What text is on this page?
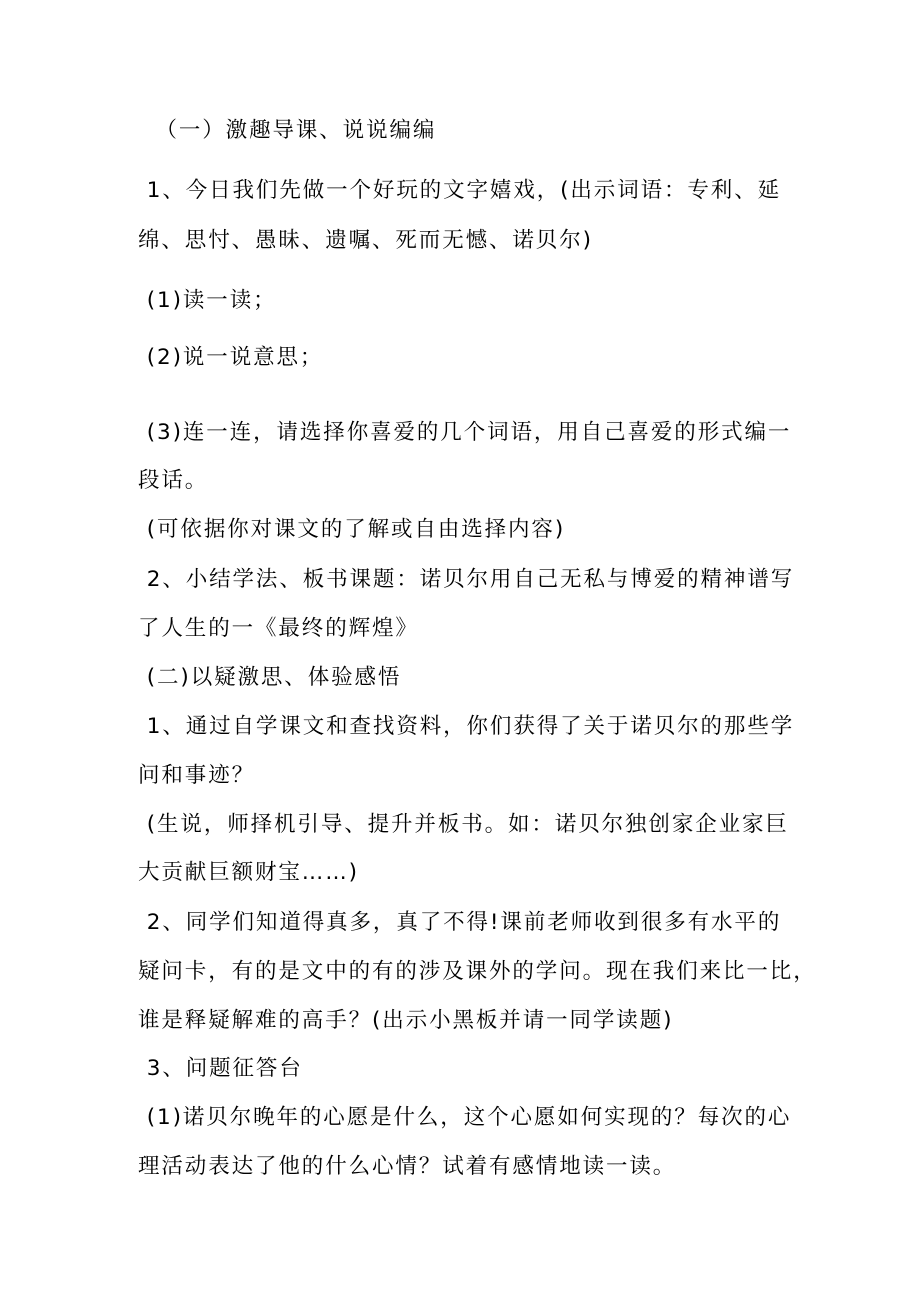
（一）激趣导课、说说编编
1、今日我们先做一个好玩的文字嬉戏，(出示词语：专利、延
绵、思忖、愚昧、遗嘱、死而无憾、诺贝尔)
(1)读一读；
(2)说一说意思；
(3)连一连，请选择你喜爱的几个词语，用自己喜爱的形式编一
段话。
(可依据你对课文的了解或自由选择内容)
2、小结学法、板书课题：诺贝尔用自己无私与博爱的精神谱写
了人生的一《最终的辉煌》
(二)以疑激思、体验感悟
1、通过自学课文和查找资料，你们获得了关于诺贝尔的那些学
问和事迹？
(生说，师择机引导、提升并板书。如：诺贝尔独创家企业家巨
大贡献巨额财宝……)
2、同学们知道得真多，真了不得!课前老师收到很多有水平的
疑问卡，有的是文中的有的涉及课外的学问。现在我们来比一比，
谁是释疑解难的高手？(出示小黑板并请一同学读题)
3、问题征答台
(1)诺贝尔晚年的心愿是什么，这个心愿如何实现的？每次的心
理活动表达了他的什么心情？试着有感情地读一读。
